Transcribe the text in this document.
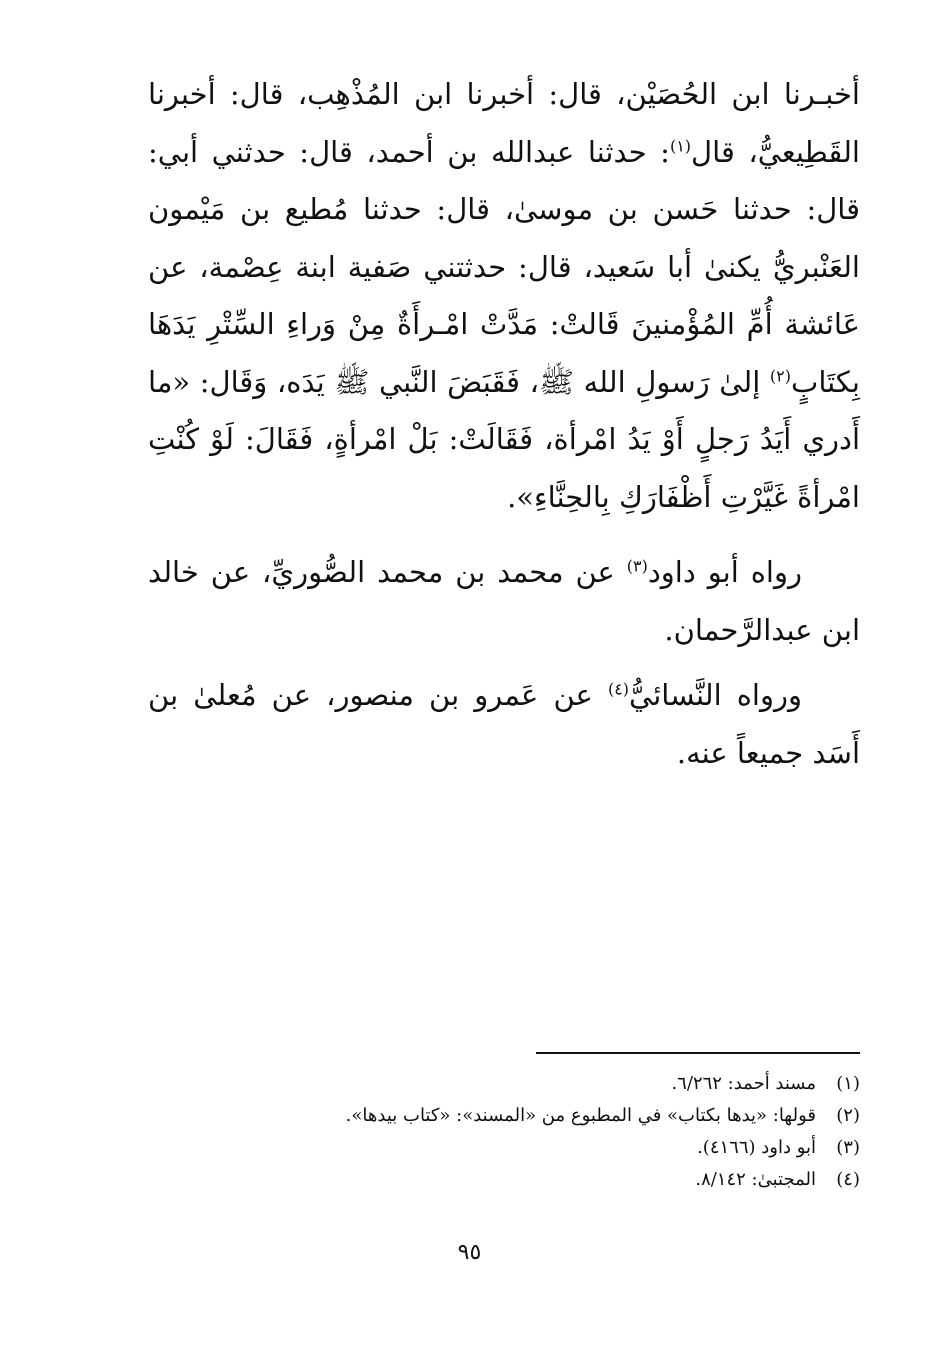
أخبـرنا ابن الحُصَيْن، قال: أخبرنا ابن المُذْهِب، قال: أخبرنا القَطِيعيُّ، قال$^{(١)}$: حدثنا عبدالله بن أحمد، قال: حدثني أبي: قال: حدثنا حَسن بن موسىٰ، قال: حدثنا مُطيع بن مَيْمون العَنْبريُّ يكنىٰ أبا سَعيد، قال: حدثتني صَفية ابنة عِصْمة، عن عَائشة أُمِّ المُؤْمنينَ قَالتْ: مَدَّتْ امْـرأَةٌ مِنْ وَراءِ السِّتْرِ يَدَهَا بِكتَابٍ$^{(٢)}$ إلىٰ رَسولِ الله ﷺ، فَقَبَضَ النَّبي ﷺ يَدَه، وَقَال: «ما أَدري أَيَدُ رَجلٍ أَوْ يَدُ امْرأة، فَقَالَتْ: بَلْ امْرأةٍ، فَقَالَ: لَوْ كُنْتِ امْرأةً غَيَّرْتِ أَظْفَارَكِ بِالحِنَّاءِ».

رواه أبو داود$^{(٣)}$ عن محمد بن محمد الصُّوريِّ، عن خالد ابن عبدالرَّحمان.

ورواه النَّسائيُّ$^{(٤)}$ عن عَمرو بن منصور، عن مُعلىٰ بن أَسَد جميعاً عنه.

(١)
مسند أحمد: ٦/٢٦٢.
(٢)
قولها: «يدها بكتاب» في المطبوع من «المسند»: «كتاب بيدها».
(٣)
أبو داود (٤١٦٦).
(٤)
المجتبىٰ: ٨/١٤٢.
٩٥
